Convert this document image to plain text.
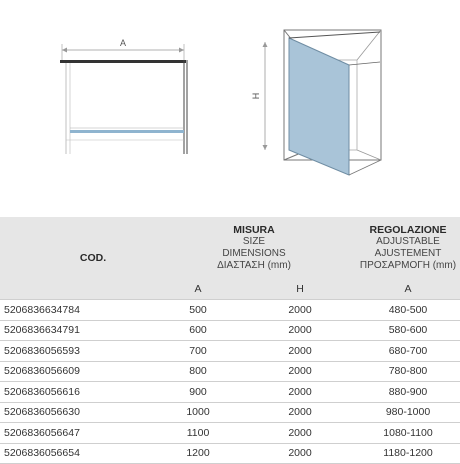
A
H
COD.	MISURA
SIZE
DIMENSIONS
ΔΙΑΣΤΑΣΗ (mm)		REGOLAZIONE
ADJUSTABLE
AJUSTEMENT
ΠΡΟΣΑΡΜΟΓΗ (mm)

	A	H	A
5206836634784	500	2000	480-500
5206836634791	600	2000	580-600
5206836056593	700	2000	680-700
5206836056609	800	2000	780-800
5206836056616	900	2000	880-900
5206836056630	1000	2000	980-1000
5206836056647	1100	2000	1080-1100
5206836056654	1200	2000	1180-1200
